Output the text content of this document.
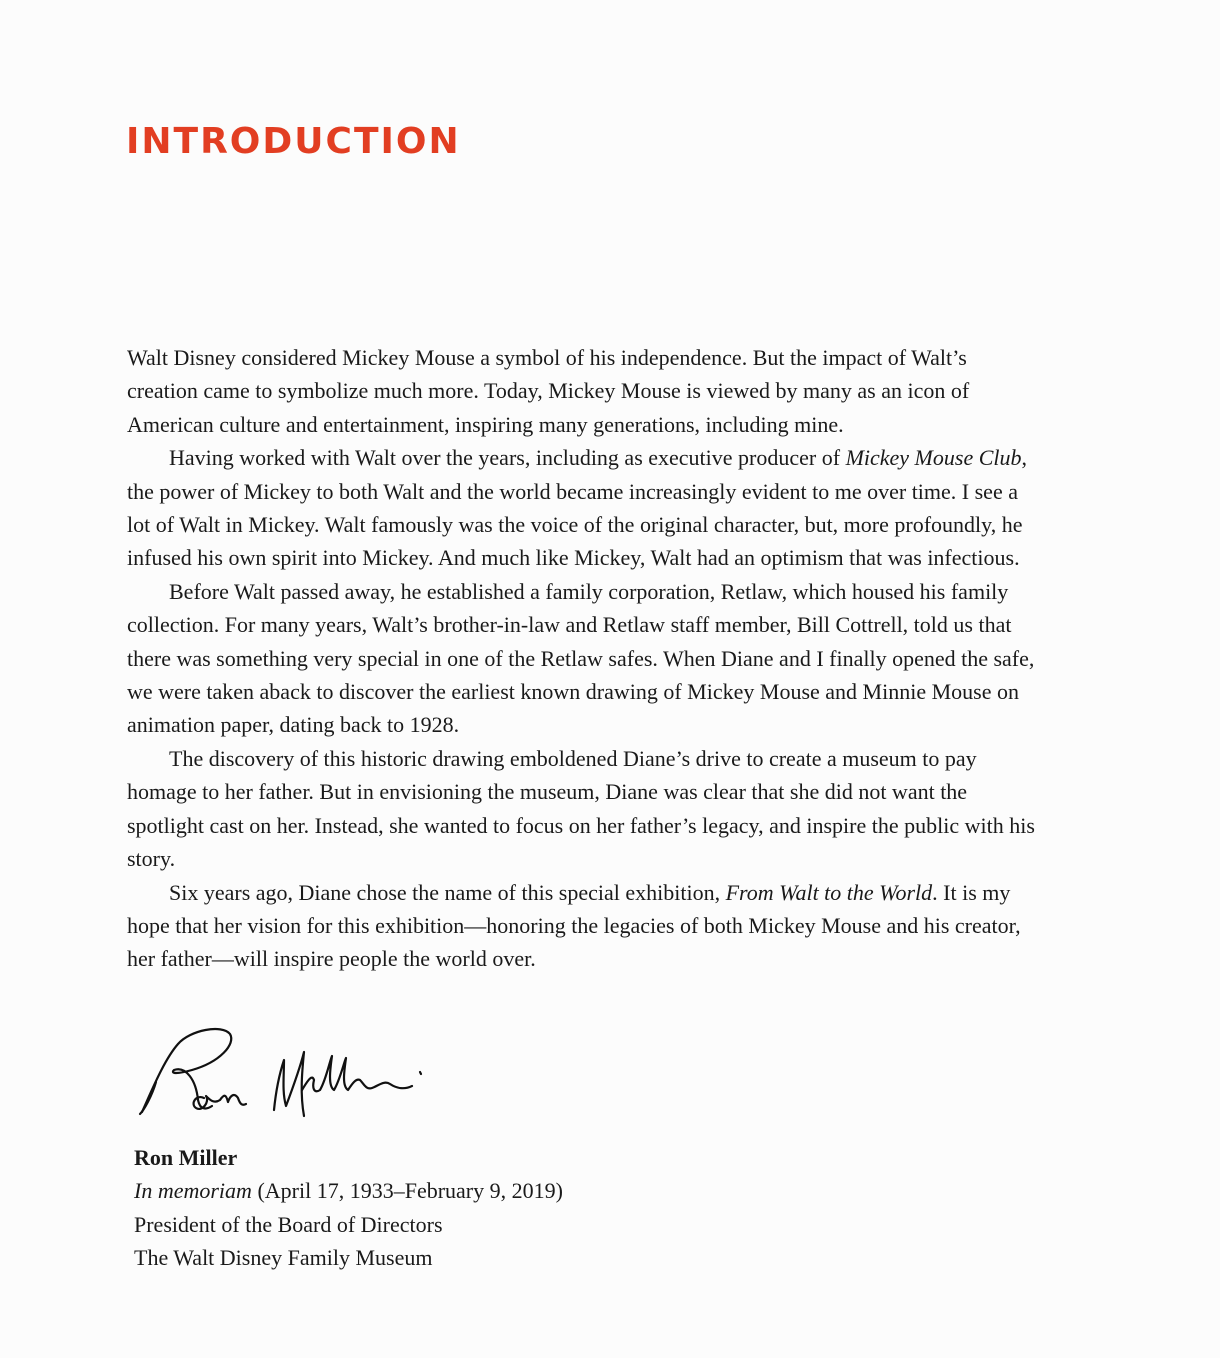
INTRODUCTION

Walt Disney considered Mickey Mouse a symbol of his independence. But the impact of Walt’s creation came to symbolize much more. Today, Mickey Mouse is viewed by many as an icon of American culture and entertainment, inspiring many generations, including mine.

Having worked with Walt over the years, including as executive producer of Mickey Mouse Club, the power of Mickey to both Walt and the world became increasingly evident to me over time. I see a lot of Walt in Mickey. Walt famously was the voice of the original character, but, more profoundly, he infused his own spirit into Mickey. And much like Mickey, Walt had an optimism that was infectious.

Before Walt passed away, he established a family corporation, Retlaw, which housed his family collection. For many years, Walt’s brother-in-law and Retlaw staff member, Bill Cottrell, told us that there was something very special in one of the Retlaw safes. When Diane and I finally opened the safe, we were taken aback to discover the earliest known drawing of Mickey Mouse and Minnie Mouse on animation paper, dating back to 1928.

The discovery of this historic drawing emboldened Diane’s drive to create a museum to pay homage to her father. But in envisioning the museum, Diane was clear that she did not want the spotlight cast on her. Instead, she wanted to focus on her father’s legacy, and inspire the public with his story.

Six years ago, Diane chose the name of this special exhibition, From Walt to the World. It is my hope that her vision for this exhibition—honoring the legacies of both Mickey Mouse and his creator, her father—will inspire people the world over.

Ron Miller
In memoriam (April 17, 1933–February 9, 2019)
President of the Board of Directors
The Walt Disney Family Museum
